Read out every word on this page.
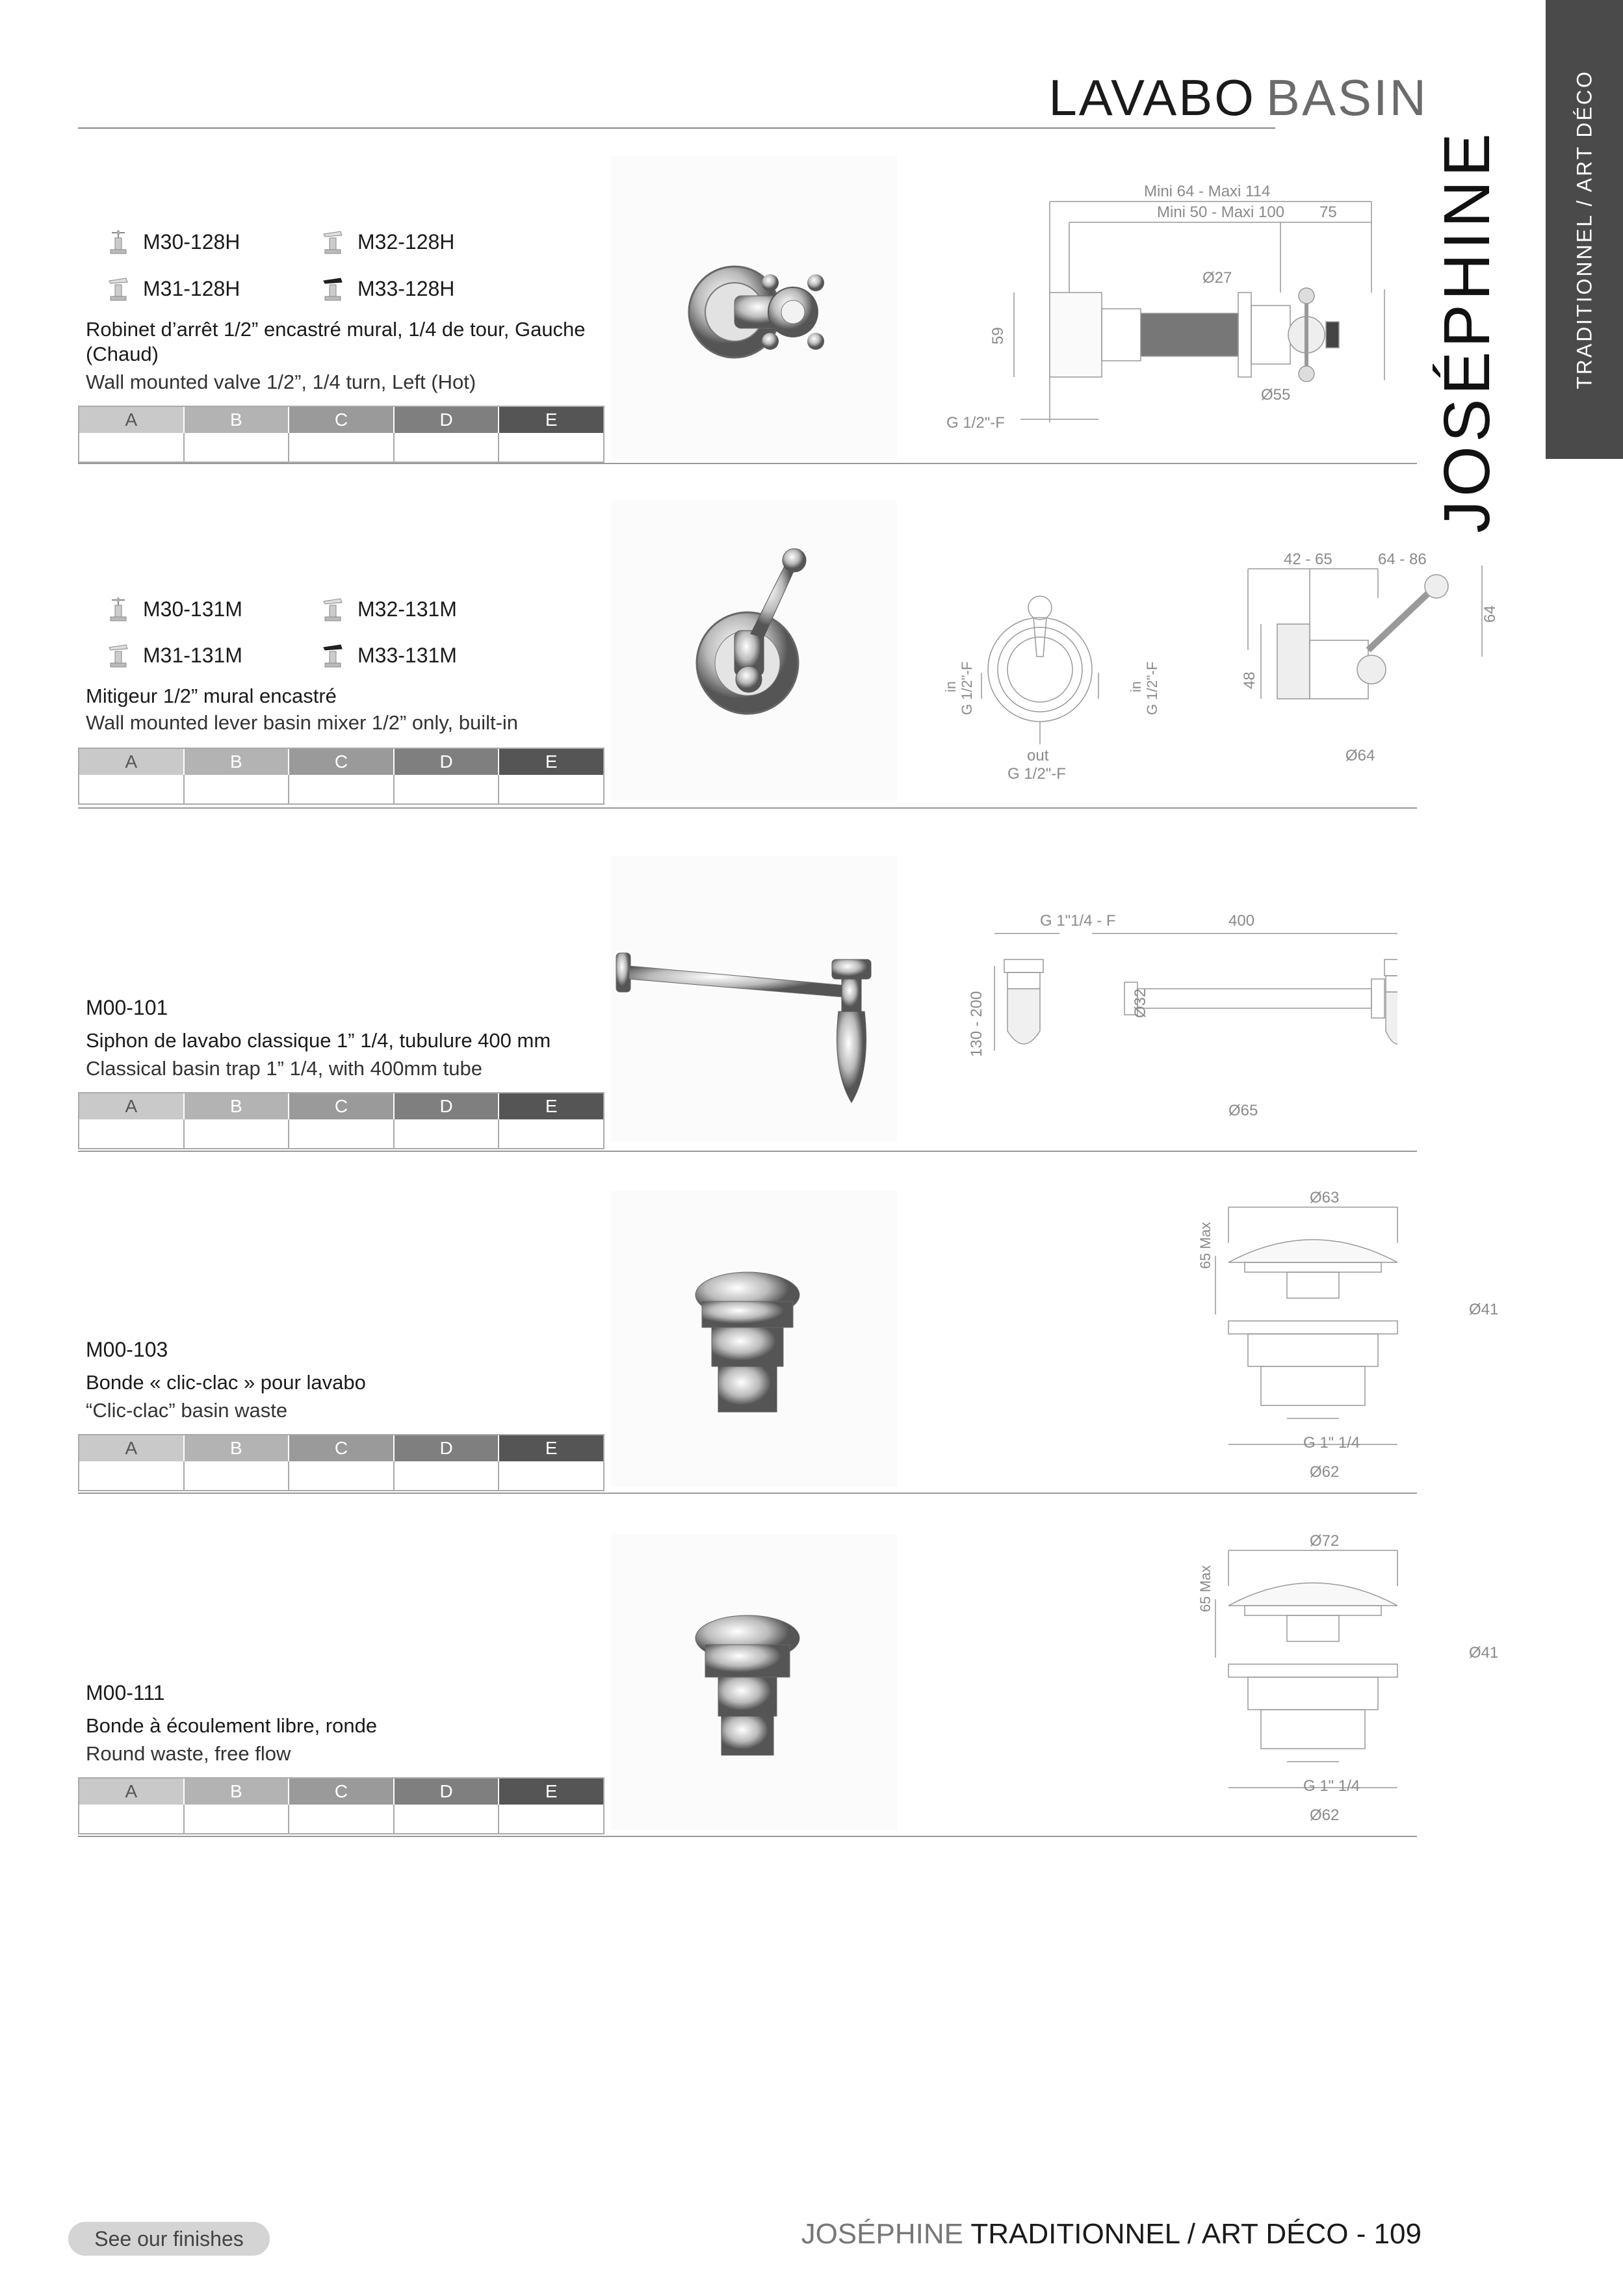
LAVABO BASIN	TRADITIONNEL / ART DÉCO
JOSÉPHINE
M30-128H	M32-128H
M31-128H	M33-128H
Robinet d’arrêt 1/2” encastré mural, 1/4 de tour, Gauche (Chaud)
Wall mounted valve 1/2”, 1/4 turn, Left (Hot)
A	B	C	D	E
Mini 64 - Maxi 114
Mini 50 - Maxi 100 75
Ø27
59
Ø55
G 1/2"-F
M30-131M	M32-131M
M31-131M	M33-131M
Mitigeur 1/2” mural encastré
Wall mounted lever basin mixer 1/2” only, built-in
A	B	C	D	E
42 - 65	64 - 86
64
48
Ø64
in G 1/2"-F	in G 1/2"-F
out
G 1/2"-F
M00-101
Siphon de lavabo classique 1” 1/4, tubulure 400 mm
Classical basin trap 1” 1/4, with 400mm tube
A	B	C	D	E
G 1"1/4 - F	400
130 - 200	Ø32
Ø65
M00-103
Bonde « clic-clac » pour lavabo
“Clic-clac” basin waste
A	B	C	D	E
Ø63
65 Max
Ø41
G 1" 1/4
Ø62
M00-111
Bonde à écoulement libre, ronde
Round waste, free flow
A	B	C	D	E
Ø72
65 Max
Ø41
G 1" 1/4
Ø62
See our finishes	JOSÉPHINE TRADITIONNEL / ART DÉCO - 109
